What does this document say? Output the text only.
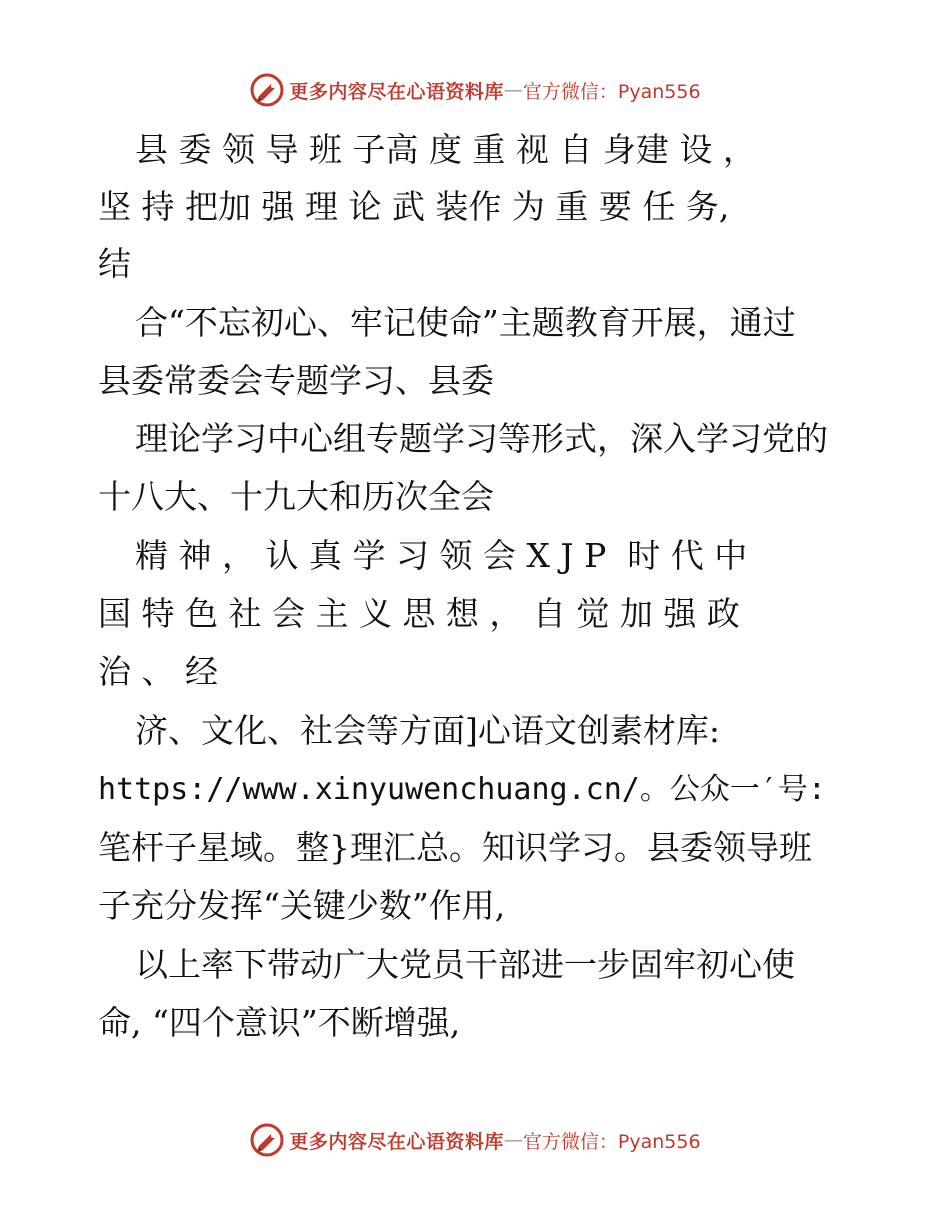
更多内容尽在心语资料库 — 官方微信：Pyan556
县 委 领 导 班 子高 度 重 视 自 身建 设 ，
坚 持 把加 强 理 论 武 装作 为 重 要 任 务,
结
合“不忘初心、牢记使命”主题教育开展，通过
县委常委会专题学习、县委
理论学习中心组专题学习等形式，深入学习党的
十八大、十九大和历次全会
精 神 ， 认 真 学 习 领 会 X J P  时 代 中
国 特 色 社 会 主 义 思 想 ， 自 觉 加 强 政
治 、 经
济、文化、社会等方面]心语文创素材库:
https://www.xinyuwenchuang.cn/。公众一′号:
笔杆子星域。整}理汇总。知识学习。县委领导班
子充分发挥“关键少数”作用,
以上率下带动广大党员干部进一步固牢初心使
命, “四个意识”不断增强,
更多内容尽在心语资料库 — 官方微信：Pyan556
